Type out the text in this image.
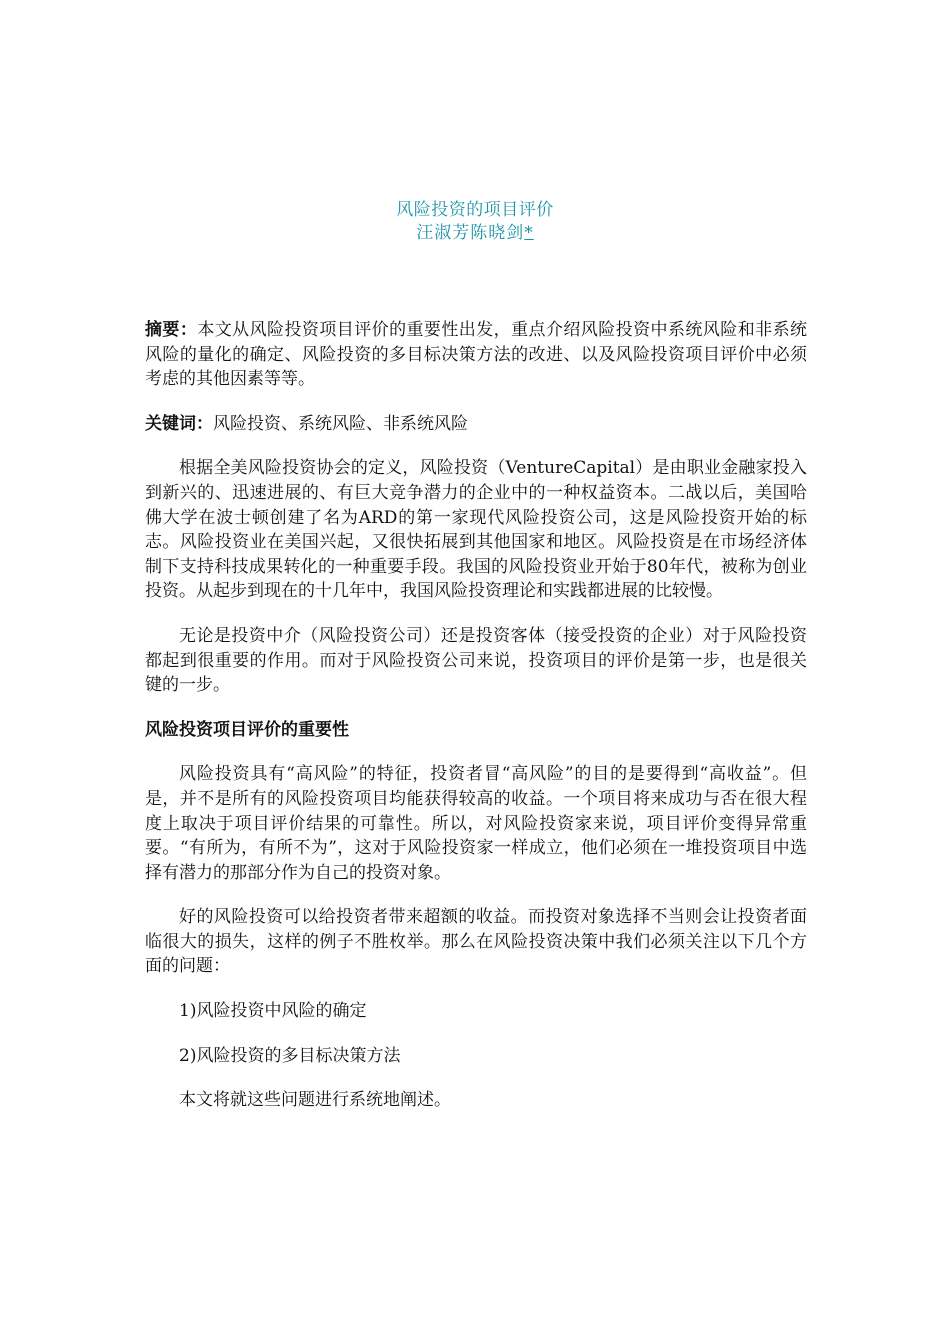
风险投资的项目评价
汪淑芳陈晓剑*

摘要：本文从风险投资项目评价的重要性出发，重点介绍风险投资中系统风险和非系统风险的量化的确定、风险投资的多目标决策方法的改进、以及风险投资项目评价中必须考虑的其他因素等等。

关键词：风险投资、系统风险、非系统风险

根据全美风险投资协会的定义，风险投资（VentureCapital）是由职业金融家投入到新兴的、迅速进展的、有巨大竞争潜力的企业中的一种权益资本。二战以后，美国哈佛大学在波士顿创建了名为ARD的第一家现代风险投资公司，这是风险投资开始的标志。风险投资业在美国兴起，又很快拓展到其他国家和地区。风险投资是在市场经济体制下支持科技成果转化的一种重要手段。我国的风险投资业开始于80年代，被称为创业投资。从起步到现在的十几年中，我国风险投资理论和实践都进展的比较慢。

无论是投资中介（风险投资公司）还是投资客体（接受投资的企业）对于风险投资都起到很重要的作用。而对于风险投资公司来说，投资项目的评价是第一步，也是很关键的一步。

风险投资项目评价的重要性

风险投资具有“高风险”的特征，投资者冒“高风险”的目的是要得到“高收益”。但是，并不是所有的风险投资项目均能获得较高的收益。一个项目将来成功与否在很大程度上取决于项目评价结果的可靠性。所以，对风险投资家来说，项目评价变得异常重要。“有所为，有所不为”，这对于风险投资家一样成立，他们必须在一堆投资项目中选择有潜力的那部分作为自己的投资对象。

好的风险投资可以给投资者带来超额的收益。而投资对象选择不当则会让投资者面临很大的损失，这样的例子不胜枚举。那么在风险投资决策中我们必须关注以下几个方面的问题：

1)风险投资中风险的确定

2)风险投资的多目标决策方法

本文将就这些问题进行系统地阐述。
